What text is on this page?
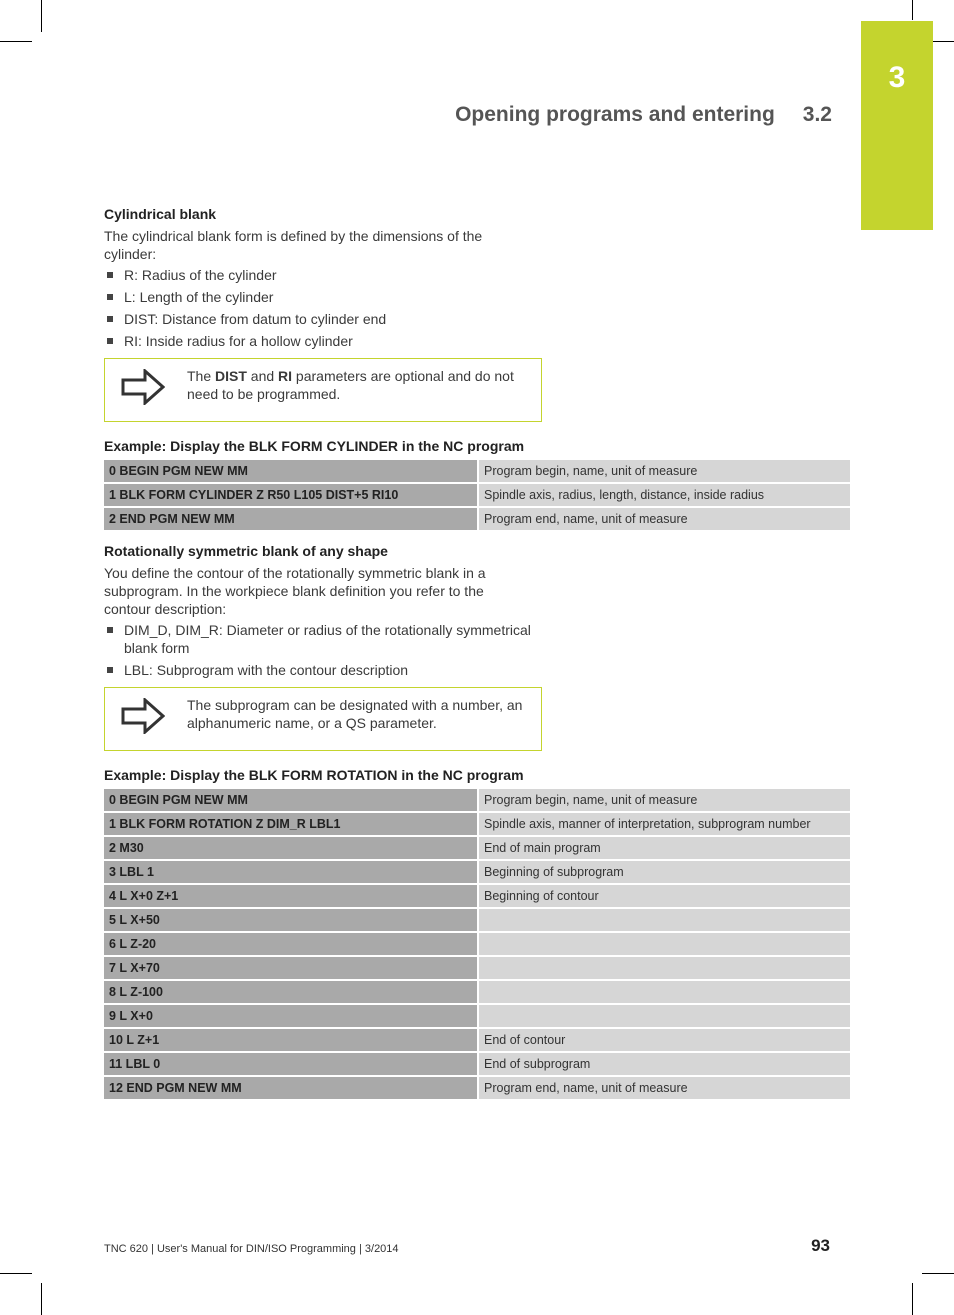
3
Opening programs and entering 3.2
Cylindrical blank
The cylindrical blank form is defined by the dimensions of the cylinder:
R: Radius of the cylinder
L: Length of the cylinder
DIST: Distance from datum to cylinder end
RI: Inside radius for a hollow cylinder
The DIST and RI parameters are optional and do not need to be programmed.
Example: Display the BLK FORM CYLINDER in the NC program
0 BEGIN PGM NEW MM	Program begin, name, unit of measure
1 BLK FORM CYLINDER Z R50 L105 DIST+5 RI10	Spindle axis, radius, length, distance, inside radius
2 END PGM NEW MM	Program end, name, unit of measure
Rotationally symmetric blank of any shape
You define the contour of the rotationally symmetric blank in a subprogram. In the workpiece blank definition you refer to the contour description:
DIM_D, DIM_R: Diameter or radius of the rotationally symmetrical blank form
LBL: Subprogram with the contour description
The subprogram can be designated with a number, an alphanumeric name, or a QS parameter.
Example: Display the BLK FORM ROTATION in the NC program
0 BEGIN PGM NEW MM	Program begin, name, unit of measure
1 BLK FORM ROTATION Z DIM_R LBL1	Spindle axis, manner of interpretation, subprogram number
2 M30	End of main program
3 LBL 1	Beginning of subprogram
4 L X+0 Z+1	Beginning of contour
5 L X+50	
6 L Z-20	
7 L X+70	
8 L Z-100	
9 L X+0	
10 L Z+1	End of contour
11 LBL 0	End of subprogram
12 END PGM NEW MM	Program end, name, unit of measure
TNC 620 | User's Manual for DIN/ISO Programming | 3/2014	93
